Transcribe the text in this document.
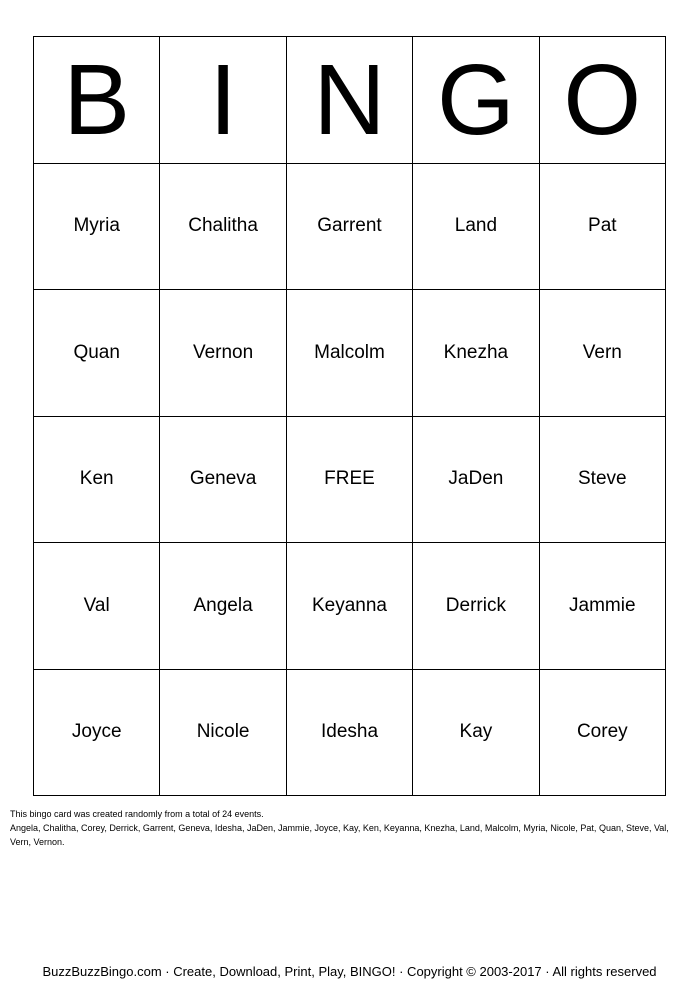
B I N G O
Myria	Chalitha	Garrent	Land	Pat
Quan	Vernon	Malcolm	Knezha	Vern
Ken	Geneva	FREE	JaDen	Steve
Val	Angela	Keyanna	Derrick	Jammie
Joyce	Nicole	Idesha	Kay	Corey
This bingo card was created randomly from a total of 24 events.
Angela, Chalitha, Corey, Derrick, Garrent, Geneva, Idesha, JaDen, Jammie, Joyce, Kay, Ken, Keyanna, Knezha, Land, Malcolm, Myria, Nicole, Pat, Quan, Steve, Val, Vern, Vernon.
BuzzBuzzBingo.com · Create, Download, Print, Play, BINGO! · Copyright © 2003-2017 · All rights reserved
